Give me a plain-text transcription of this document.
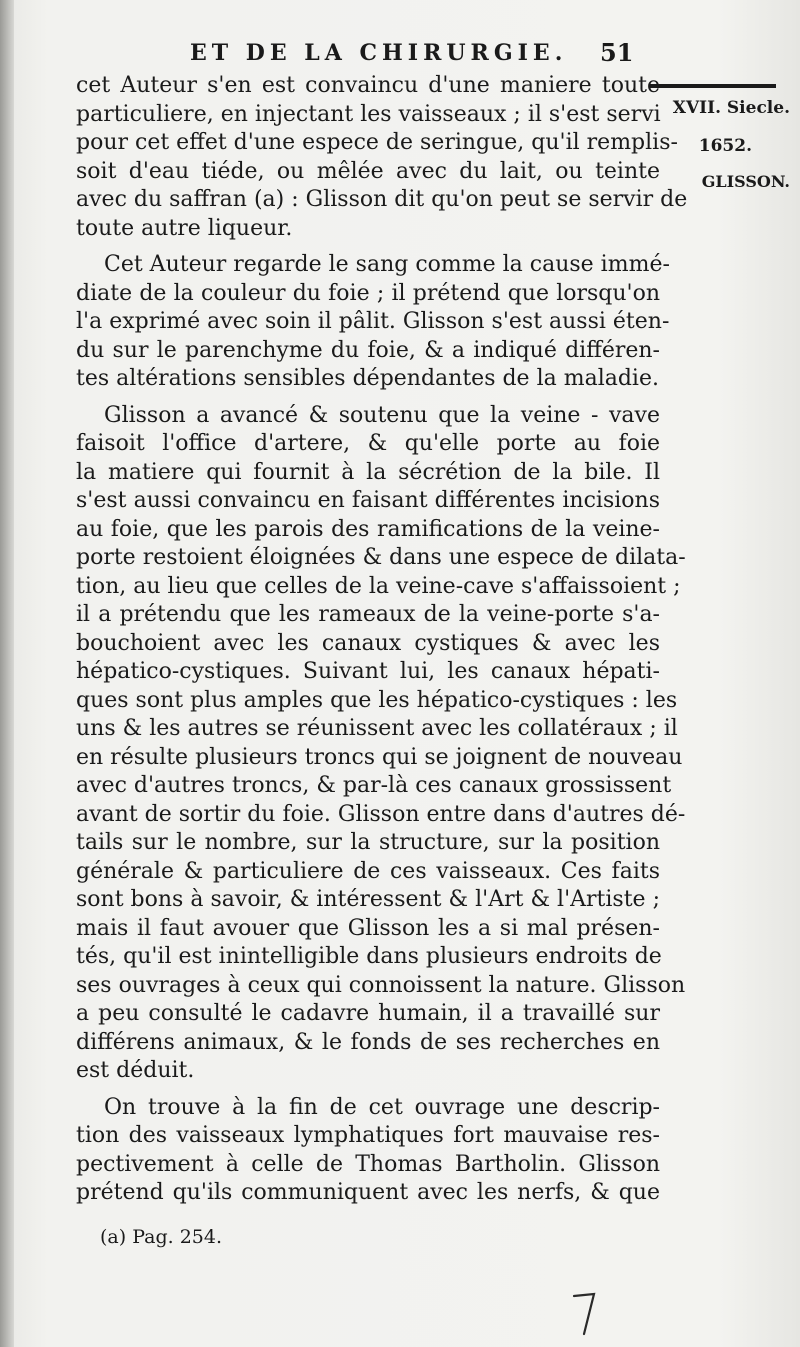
ET DE LA CHIRURGIE. 51
XVII. Siecle.
1652.
GLISSON.
cet Auteur s'en est convaincu d'une maniere toute
particuliere, en injectant les vaisseaux ; il s'est servi
pour cet effet d'une espece de seringue, qu'il remplis-
soit d'eau tiéde, ou mêlée avec du lait, ou teinte
avec du saffran (a) : Glisson dit qu'on peut se servir de
toute autre liqueur.
Cet Auteur regarde le sang comme la cause immé-
diate de la couleur du foie ; il prétend que lorsqu'on
l'a exprimé avec soin il pâlit. Glisson s'est aussi éten-
du sur le parenchyme du foie, & a indiqué différen-
tes altérations sensibles dépendantes de la maladie.
Glisson a avancé & soutenu que la veine - vave
faisoit l'office d'artere, & qu'elle porte au foie
la matiere qui fournit à la sécrétion de la bile. Il
s'est aussi convaincu en faisant différentes incisions
au foie, que les parois des ramifications de la veine-
porte restoient éloignées & dans une espece de dilata-
tion, au lieu que celles de la veine-cave s'affaissoient ;
il a prétendu que les rameaux de la veine-porte s'a-
bouchoient avec les canaux cystiques & avec les
hépatico-cystiques. Suivant lui, les canaux hépati-
ques sont plus amples que les hépatico-cystiques : les
uns & les autres se réunissent avec les collatéraux ; il
en résulte plusieurs troncs qui se joignent de nouveau
avec d'autres troncs, & par-là ces canaux grossissent
avant de sortir du foie. Glisson entre dans d'autres dé-
tails sur le nombre, sur la structure, sur la position
générale & particuliere de ces vaisseaux. Ces faits
sont bons à savoir, & intéressent & l'Art & l'Artiste ;
mais il faut avouer que Glisson les a si mal présen-
tés, qu'il est inintelligible dans plusieurs endroits de
ses ouvrages à ceux qui connoissent la nature. Glisson
a peu consulté le cadavre humain, il a travaillé sur
différens animaux, & le fonds de ses recherches en
est déduit.
On trouve à la fin de cet ouvrage une descrip-
tion des vaisseaux lymphatiques fort mauvaise res-
pectivement à celle de Thomas Bartholin. Glisson
prétend qu'ils communiquent avec les nerfs, & que
(a) Pag. 254.
